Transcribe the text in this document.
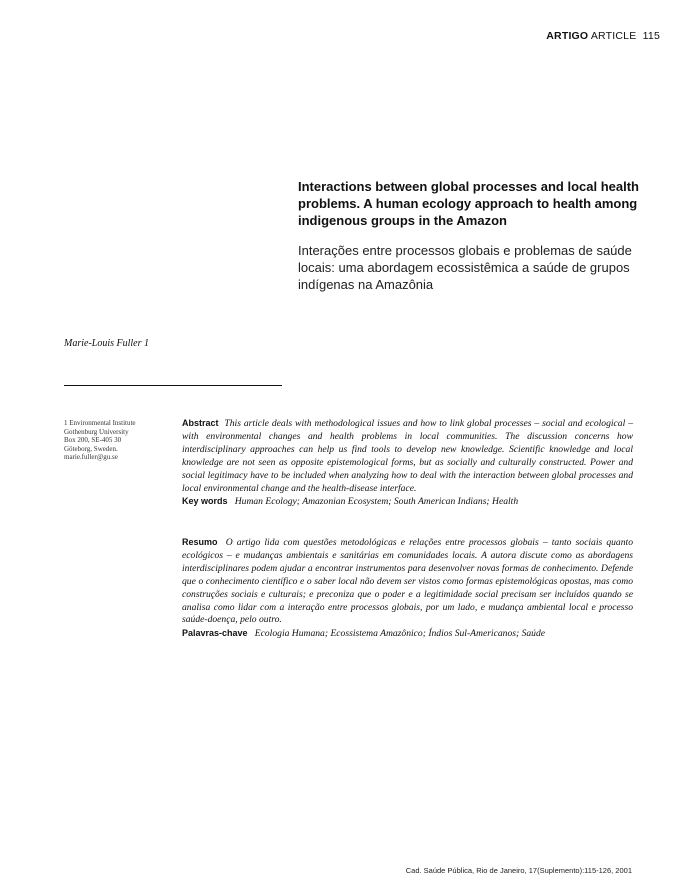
ARTIGO ARTICLE 115

Interactions between global processes and local health problems. A human ecology approach to health among indigenous groups in the Amazon

Interações entre processos globais e problemas de saúde locais: uma abordagem ecossistêmica a saúde de grupos indígenas na Amazônia

Marie-Louis Fuller 1
1 Environmental Institute
Gothenburg University
Box 200, SE-405 30
Göteborg, Sweden.
marie.fuller@gu.se
Abstract This article deals with methodological issues and how to link global processes – social and ecological – with environmental changes and health problems in local communities. The discussion concerns how interdisciplinary approaches can help us find tools to develop new knowledge. Scientific knowledge and local knowledge are not seen as opposite epistemological forms, but as socially and culturally constructed. Power and social legitimacy have to be included when analyzing how to deal with the interaction between global processes and local environmental change and the health-disease interface.
Key words Human Ecology; Amazonian Ecosystem; South American Indians; Health
Resumo O artigo lida com questões metodológicas e relações entre processos globais – tanto sociais quanto ecológicos – e mudanças ambientais e sanitárias em comunidades locais. A autora discute como as abordagens interdisciplinares podem ajudar a encontrar instrumentos para desenvolver novas formas de conhecimento. Defende que o conhecimento científico e o saber local não devem ser vistos como formas epistemológicas opostas, mas como construções sociais e culturais; e preconiza que o poder e a legitimidade social precisam ser incluídos quando se analisa como lidar com a interação entre processos globais, por um lado, e mudança ambiental local e processo saúde-doença, pelo outro.
Palavras-chave Ecologia Humana; Ecossistema Amazônico; Índios Sul-Americanos; Saúde
Cad. Saúde Pública, Rio de Janeiro, 17(Suplemento):115-126, 2001
